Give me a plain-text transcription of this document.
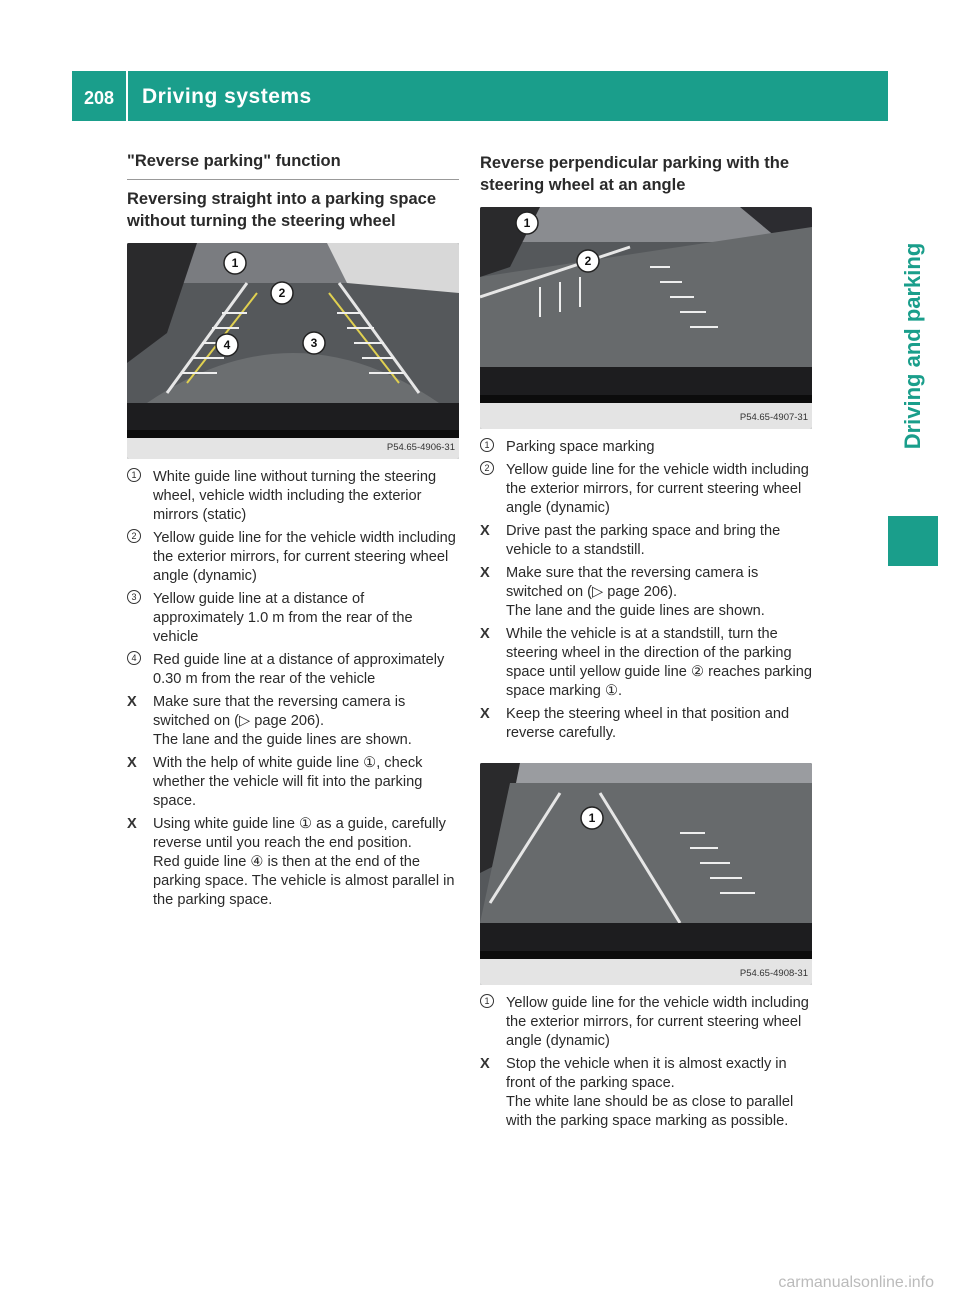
208 Driving systems
Driving and parking
"Reverse parking" function
Reversing straight into a parking space without turning the steering wheel
1
2
3
4
P54.65-4906-31
1	White guide line without turning the steering wheel, vehicle width including the exterior mirrors (static)
2	Yellow guide line for the vehicle width including the exterior mirrors, for current steering wheel angle (dynamic)
3	Yellow guide line at a distance of approximately 1.0 m from the rear of the vehicle
4	Red guide line at a distance of approximately 0.30 m from the rear of the vehicle
X Make sure that the reversing camera is switched on (▷ page 206).
The lane and the guide lines are shown.
X With the help of white guide line ①, check whether the vehicle will fit into the parking space.
X Using white guide line ① as a guide, carefully reverse until you reach the end position.
Red guide line ④ is then at the end of the parking space. The vehicle is almost parallel in the parking space.
Reverse perpendicular parking with the steering wheel at an angle
1
2
P54.65-4907-31
1	Parking space marking
2	Yellow guide line for the vehicle width including the exterior mirrors, for current steering wheel angle (dynamic)
X Drive past the parking space and bring the vehicle to a standstill.
X Make sure that the reversing camera is switched on (▷ page 206).
The lane and the guide lines are shown.
X While the vehicle is at a standstill, turn the steering wheel in the direction of the parking space until yellow guide line ② reaches parking space marking ①.
X Keep the steering wheel in that position and reverse carefully.
1
P54.65-4908-31
1	Yellow guide line for the vehicle width including the exterior mirrors, for current steering wheel angle (dynamic)
X Stop the vehicle when it is almost exactly in front of the parking space.
The white lane should be as close to parallel with the parking space marking as possible.
carmanualsonline.info
